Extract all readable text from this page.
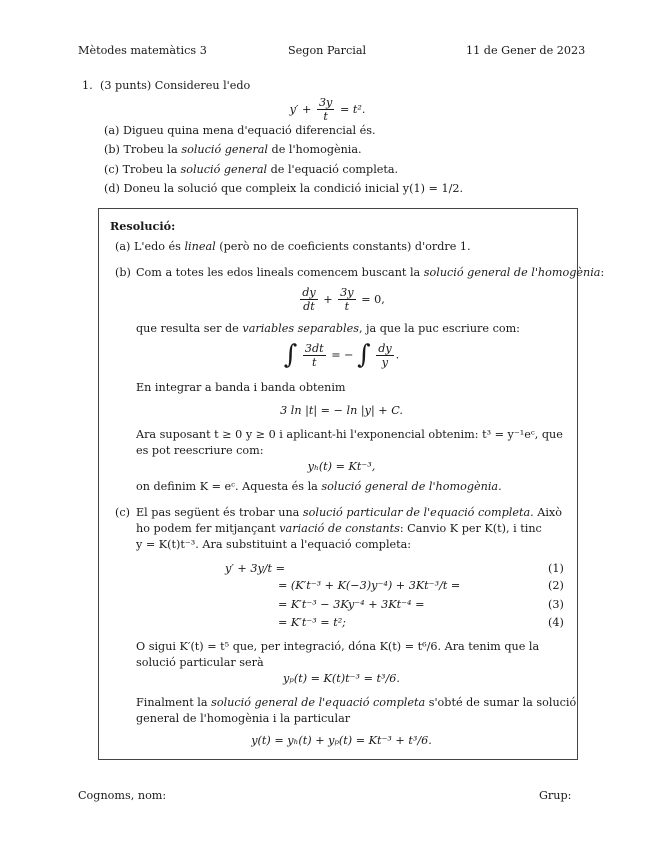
Mètodes matemàtics 3	Segon Parcial	11 de Gener de 2023
1. (3 punts) Considereu l'edo
$y' + \frac{3y}{t} = t^2$.
(a) Digueu quina mena d'equació diferencial és.
(b) Trobeu la solució general de l'homogènia.
(c) Trobeu la solució general de l'equació completa.
(d) Doneu la solució que compleix la condició inicial y(1) = 1/2.
Resolució:
(a) L'edo és lineal (però no de coeficients constants) d'ordre 1.
(b) Com a totes les edos lineals comencem buscant la solució general de l'homogènia:
$\frac{dy}{dt} + \frac{3y}{t} = 0$,
que resulta ser de variables separables, ja que la puc escriure com:
∫ $\frac{3dt}{t}$ = − ∫ $\frac{dy}{y}$ .
En integrar a banda i banda obtenim
3 ln |t| = − ln |y| + C.
Ara suposant t ≥ 0 y ≥ 0 i aplicant-hi l'exponencial obtenim: t³ = y⁻¹eᶜ, que
es pot reescriure com:
yₕ(t) = Kt⁻³,
on definim K = eᶜ. Aquesta és la solució general de l'homogènia.
(c) El pas següent és trobar una solució particular de l'equació completa. Això
ho podem fer mitjançant variació de constants: Canvio K per K(t), i tinc
y = K(t)t⁻³. Ara substituint a l'equació completa:
y′ + 3y/t =	(1)
= (K′t⁻³ + K(−3)y⁻⁴) + 3Kt⁻³/t =	(2)
= K′t⁻³ − 3Ky⁻⁴ + 3Kt⁻⁴ =	(3)
= K′t⁻³ = t²;	(4)
O sigui K′(t) = t⁵ que, per integració, dóna K(t) = t⁶/6. Ara tenim que la
solució particular serà
yₚ(t) = K(t)t⁻³ = t³/6.
Finalment la solució general de l'equació completa s'obté de sumar la solució
general de l'homogènia i la particular
y(t) = yₕ(t) + yₚ(t) = Kt⁻³ + t³/6.
Cognoms, nom:	Grup:
